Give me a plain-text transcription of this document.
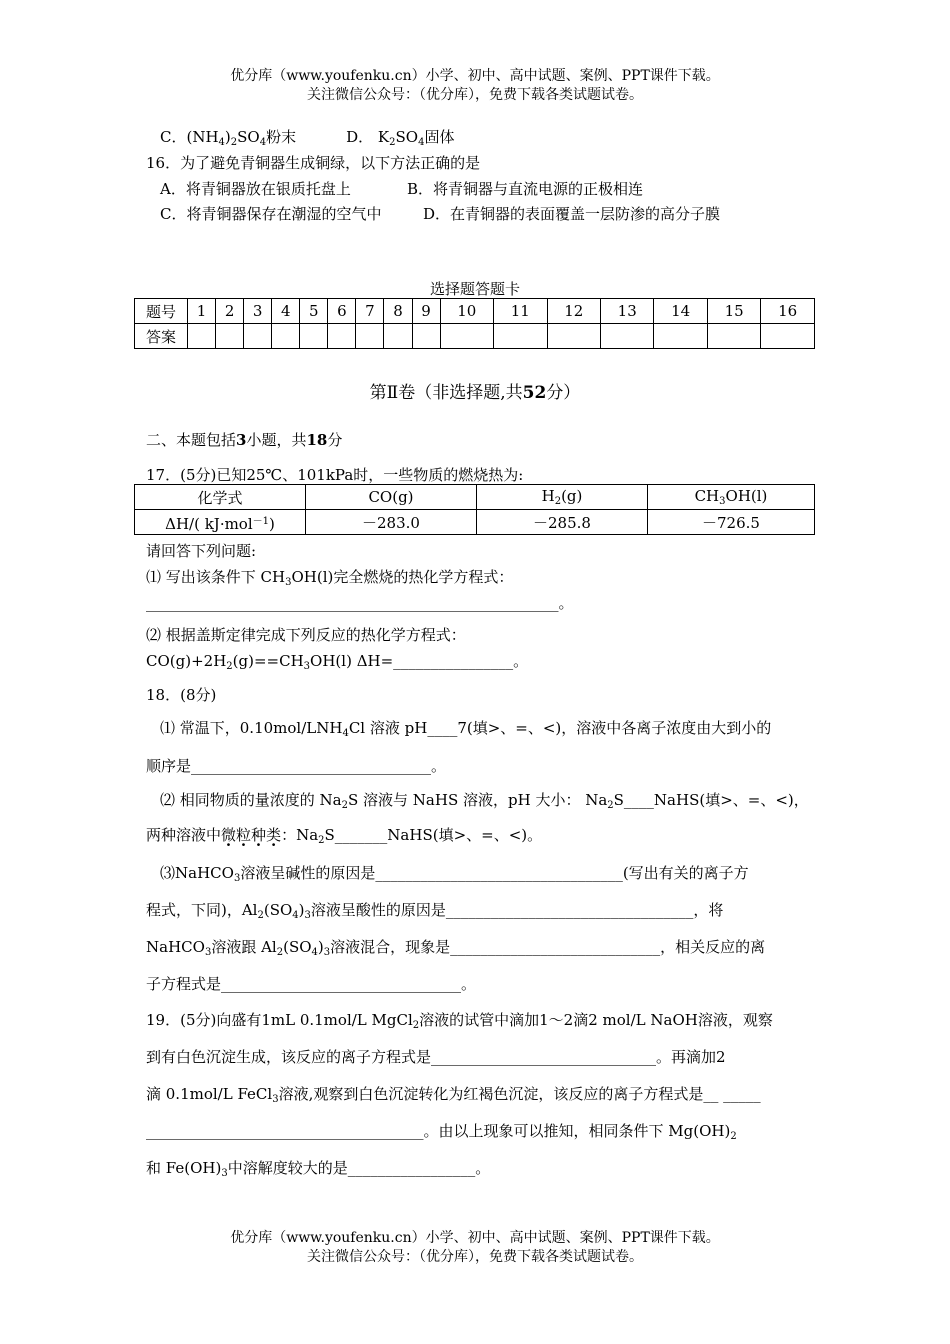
优分库（www.youfenku.cn）小学、初中、高中试题、案例、PPT课件下载。
关注微信公众号：（优分库），免费下载各类试题试卷。
C．$(NH_4)_2SO_4$粉末	D． $K_2SO_4$固体
16．为了避免青铜器生成铜绿，以下方法正确的是
A．将青铜器放在银质托盘上	B．将青铜器与直流电源的正极相连
C．将青铜器保存在潮湿的空气中	D．在青铜器的表面覆盖一层防渗的高分子膜
选择题答题卡
题号	1	2	3	4	5	6	7	8	9	10	11	12	13	14	15	16
答案																
第Ⅱ卷（非选择题,共52分）
二、本题包括3小题，共18分
17．(5分)已知25℃、101kPa时，一些物质的燃烧热为:
化学式	CO(g)	$H_2(g)$	$CH_3OH(l)$
ΔH/( kJ·mol$^{-1}$)	－283.0	－285.8	－726.5
请回答下列问题:
⑴ 写出该条件下 $CH_3OH(l)$完全燃烧的热化学方程式：
_______________________________________________________。
⑵ 根据盖斯定律完成下列反应的热化学方程式：
$CO(g)+2H_2(g)==CH_3OH(l)$ ΔH=________________。
18．(8分)
⑴ 常温下，$0.10mol/LNH_4Cl$ 溶液 pH____7(填>、=、<)，溶液中各离子浓度由大到小的
顺序是________________________________。
⑵ 相同物质的量浓度的 $Na_2S$ 溶液与 NaHS 溶液，pH 大小： $Na_2S\_\_\_\_NaHS$(填>、=、<)，
两种溶液中微粒种类：$Na_2S\_\_\_\_\_\_\_NaHS$(填>、=、<)。
⑶NaHCO$_3$溶液呈碱性的原因是_________________________________(写出有关的离子方
程式，下同)，$Al_2(SO_4)_3$溶液呈酸性的原因是_________________________________，将
NaHCO$_3$溶液跟 $Al_2(SO_4)_3$溶液混合，现象是____________________________，相关反应的离
子方程式是________________________________。
19．(5分)向盛有1mL 0.1mol/L MgCl$_2$溶液的试管中滴加1～2滴2 mol/L NaOH溶液，观察
到有白色沉淀生成，该反应的离子方程式是______________________________。再滴加2
滴 0.1mol/L FeCl$_3$溶液,观察到白色沉淀转化为红褐色沉淀，该反应的离子方程式是__ _____
_____________________________________。由以上现象可以推知，相同条件下 $Mg(OH)_2$
和 $Fe(OH)_3$中溶解度较大的是_________________。
优分库（www.youfenku.cn）小学、初中、高中试题、案例、PPT课件下载。
关注微信公众号：（优分库），免费下载各类试题试卷。
